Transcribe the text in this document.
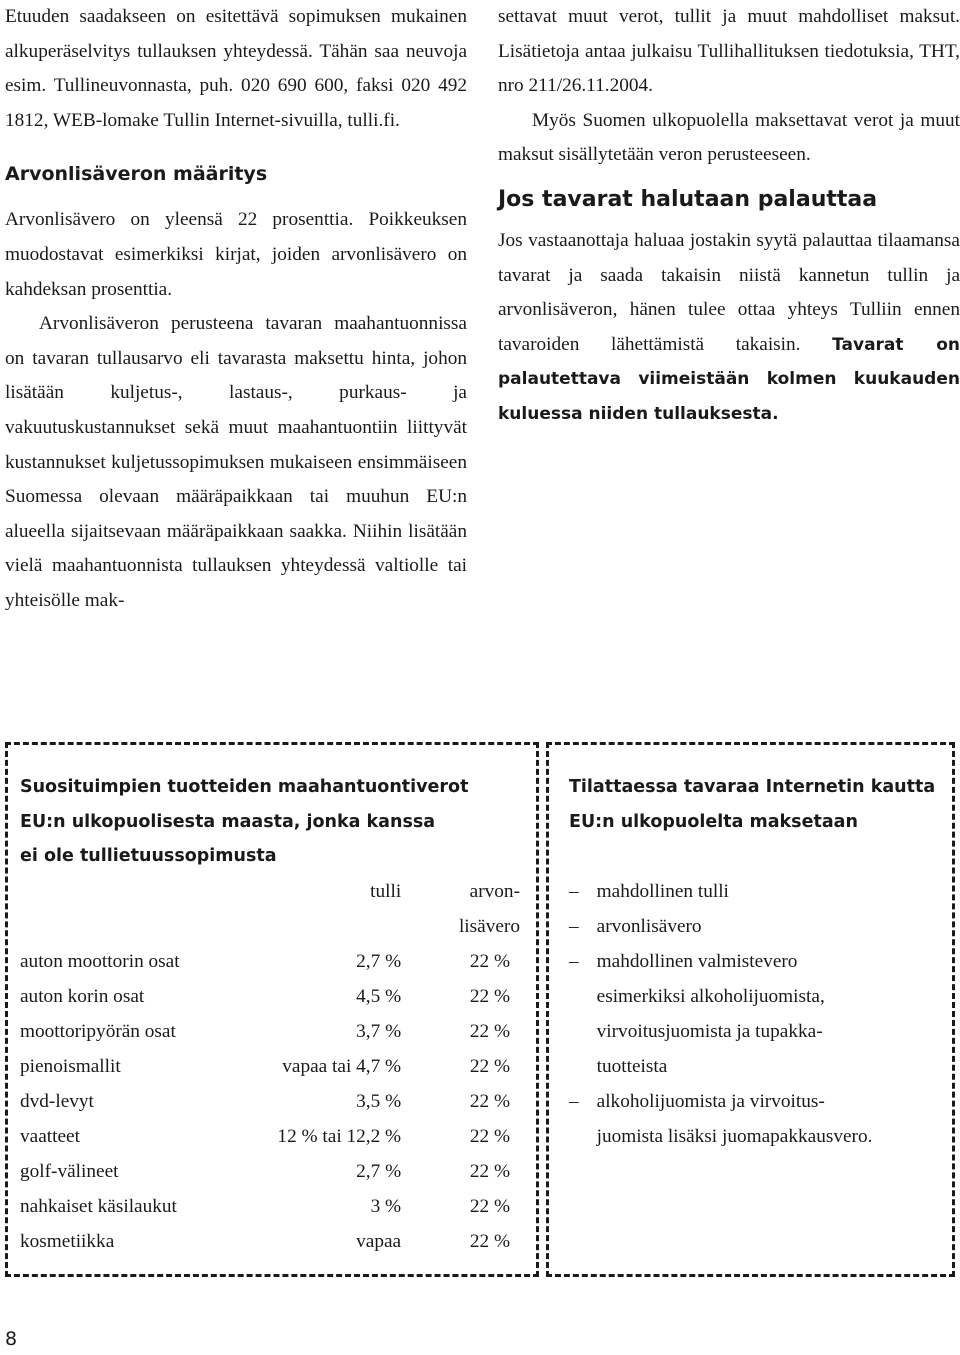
Etuuden saadakseen on esitettävä sopimuksen mukainen alkuperäselvitys tullauksen yhteydessä. Tähän saa neuvoja esim. Tullineuvonnasta, puh. 020 690 600, faksi 020 492 1812, WEB-lomake Tullin Internet-sivuilla, tulli.fi.

Arvonlisäveron määritys

Arvonlisävero on yleensä 22 prosenttia. Poikkeuksen muodostavat esimerkiksi kirjat, joiden arvonlisävero on kahdeksan prosenttia.

Arvonlisäveron perusteena tavaran maahantuonnissa on tavaran tullausarvo eli tavarasta maksettu hinta, johon lisätään kuljetus-, lastaus-, purkaus- ja vakuutuskustannukset sekä muut maahantuontiin liittyvät kustannukset kuljetussopimuksen mukaiseen ensimmäiseen Suomessa olevaan määräpaikkaan tai muuhun EU:n alueella sijaitsevaan määräpaikkaan saakka. Niihin lisätään vielä maahantuonnista tullauksen yhteydessä valtiolle tai yhteisölle mak-

settavat muut verot, tullit ja muut mahdolliset maksut. Lisätietoja antaa julkaisu Tullihallituksen tiedotuksia, THT, nro 211/26.11.2004.

Myös Suomen ulkopuolella maksettavat verot ja muut maksut sisällytetään veron perusteeseen.

Jos tavarat halutaan palauttaa

Jos vastaanottaja haluaa jostakin syytä palauttaa tilaamansa tavarat ja saada takaisin niistä kannetun tullin ja arvonlisäveron, hänen tulee ottaa yhteys Tulliin ennen tavaroiden lähettämistä takaisin. Tavarat on palautettava viimeistään kolmen kuukauden kuluessa niiden tullauksesta.

Suosituimpien tuotteiden maahantuontiverot
EU:n ulkopuolisesta maasta, jonka kanssa
ei ole tullietuussopimusta
tulli	arvon-
lisävero
auton moottorin osat	2,7 %	22 %
auton korin osat	4,5 %	22 %
moottoripyörän osat	3,7 %	22 %
pienoismallit	vapaa tai 4,7 %	22 %
dvd-levyt	3,5 %	22 %
vaatteet	12 % tai 12,2 %	22 %
golf-välineet	2,7 %	22 %
nahkaiset käsilaukut	3 %	22 %
kosmetiikka	vapaa	22 %
Tilattaessa tavaraa Internetin kautta
EU:n ulkopuolelta maksetaan
–
mahdollinen tulli
–
arvonlisävero
–
mahdollinen valmistevero

esimerkiksi alkoholijuomista,

virvoitusjuomista ja tupakka-

tuotteista
–
alkoholijuomista ja virvoitus-

juomista lisäksi juomapakkausvero.
8
